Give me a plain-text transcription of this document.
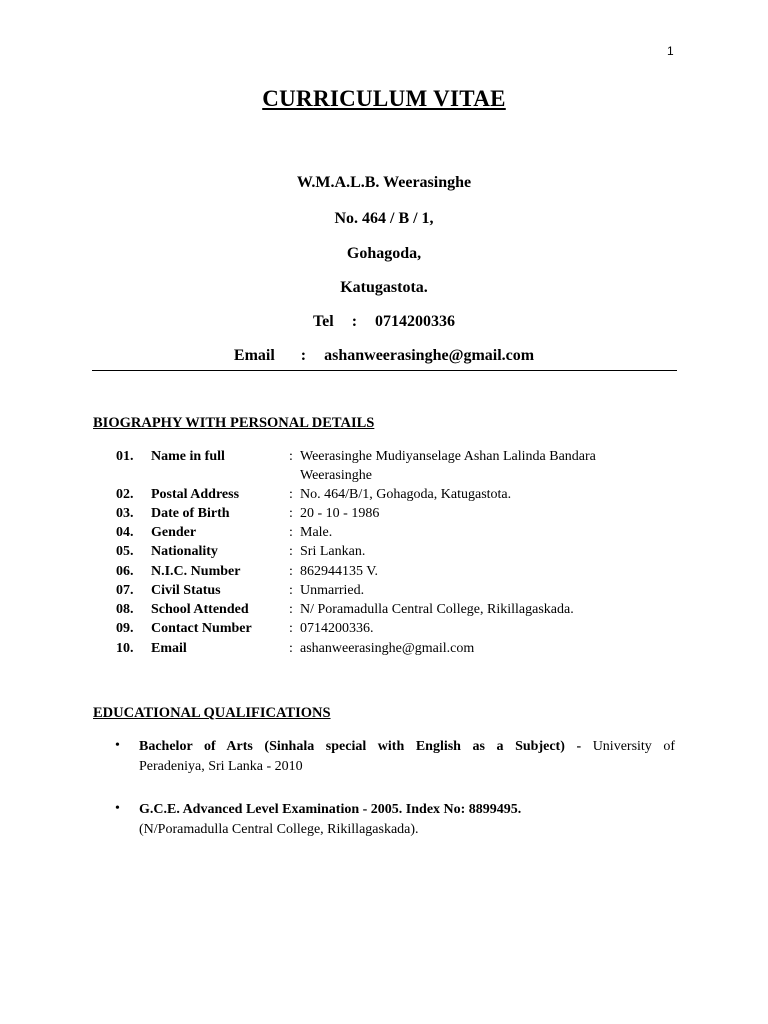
1
CURRICULUM VITAE
W.M.A.L.B. Weerasinghe
No. 464 / B / 1,
Gohagoda,
Katugastota.
Tel : 0714200336
Email : ashanweerasinghe@gmail.com
BIOGRAPHY WITH PERSONAL DETAILS
01. Name in full	: Weerasinghe Mudiyanselage Ashan Lalinda Bandara Weerasinghe
02. Postal Address	: No. 464/B/1, Gohagoda, Katugastota.
03. Date of Birth	: 20 - 10 - 1986
04. Gender	: Male.
05. Nationality	: Sri Lankan.
06. N.I.C. Number	: 862944135 V.
07. Civil Status	: Unmarried.
08. School Attended	: N/ Poramadulla Central College, Rikillagaskada.
09. Contact Number	: 0714200336.
10. Email	: ashanweerasinghe@gmail.com
EDUCATIONAL QUALIFICATIONS
• Bachelor of Arts (Sinhala special with English as a Subject) - University of
Peradeniya, Sri Lanka - 2010
• G.C.E. Advanced Level Examination - 2005. Index No: 8899495.
(N/Poramadulla Central College, Rikillagaskada).
